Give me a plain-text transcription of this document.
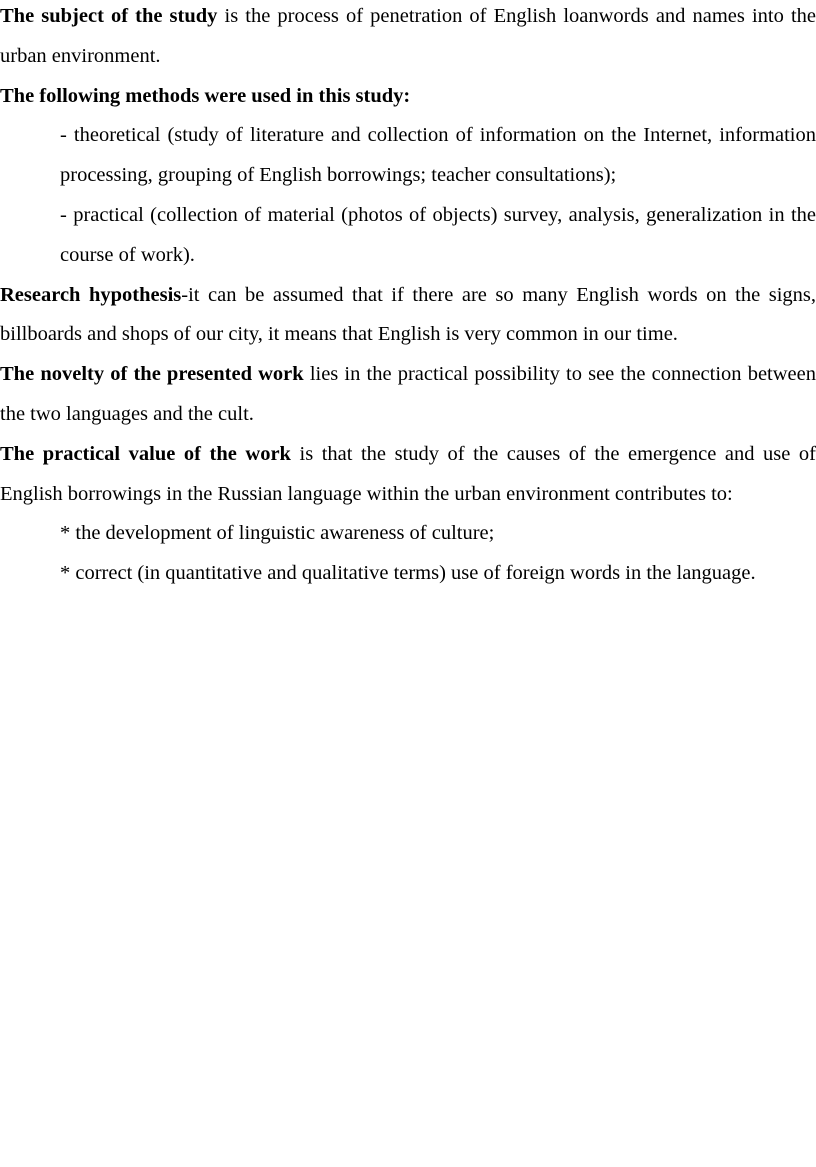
The subject of the study is the process of penetration of English loanwords and names into the urban environment.

The following methods were used in this study:

- theoretical (study of literature and collection of information on the Internet, information processing, grouping of English borrowings; teacher consultations);

- practical (collection of material (photos of objects) survey, analysis, generalization in the course of work).

Research hypothesis-it can be assumed that if there are so many English words on the signs, billboards and shops of our city, it means that English is very common in our time.

The novelty of the presented work lies in the practical possibility to see the connection between the two languages and the cult.

The practical value of the work is that the study of the causes of the emergence and use of English borrowings in the Russian language within the urban environment contributes to:

* the development of linguistic awareness of culture;

* correct (in quantitative and qualitative terms) use of foreign words in the language.
